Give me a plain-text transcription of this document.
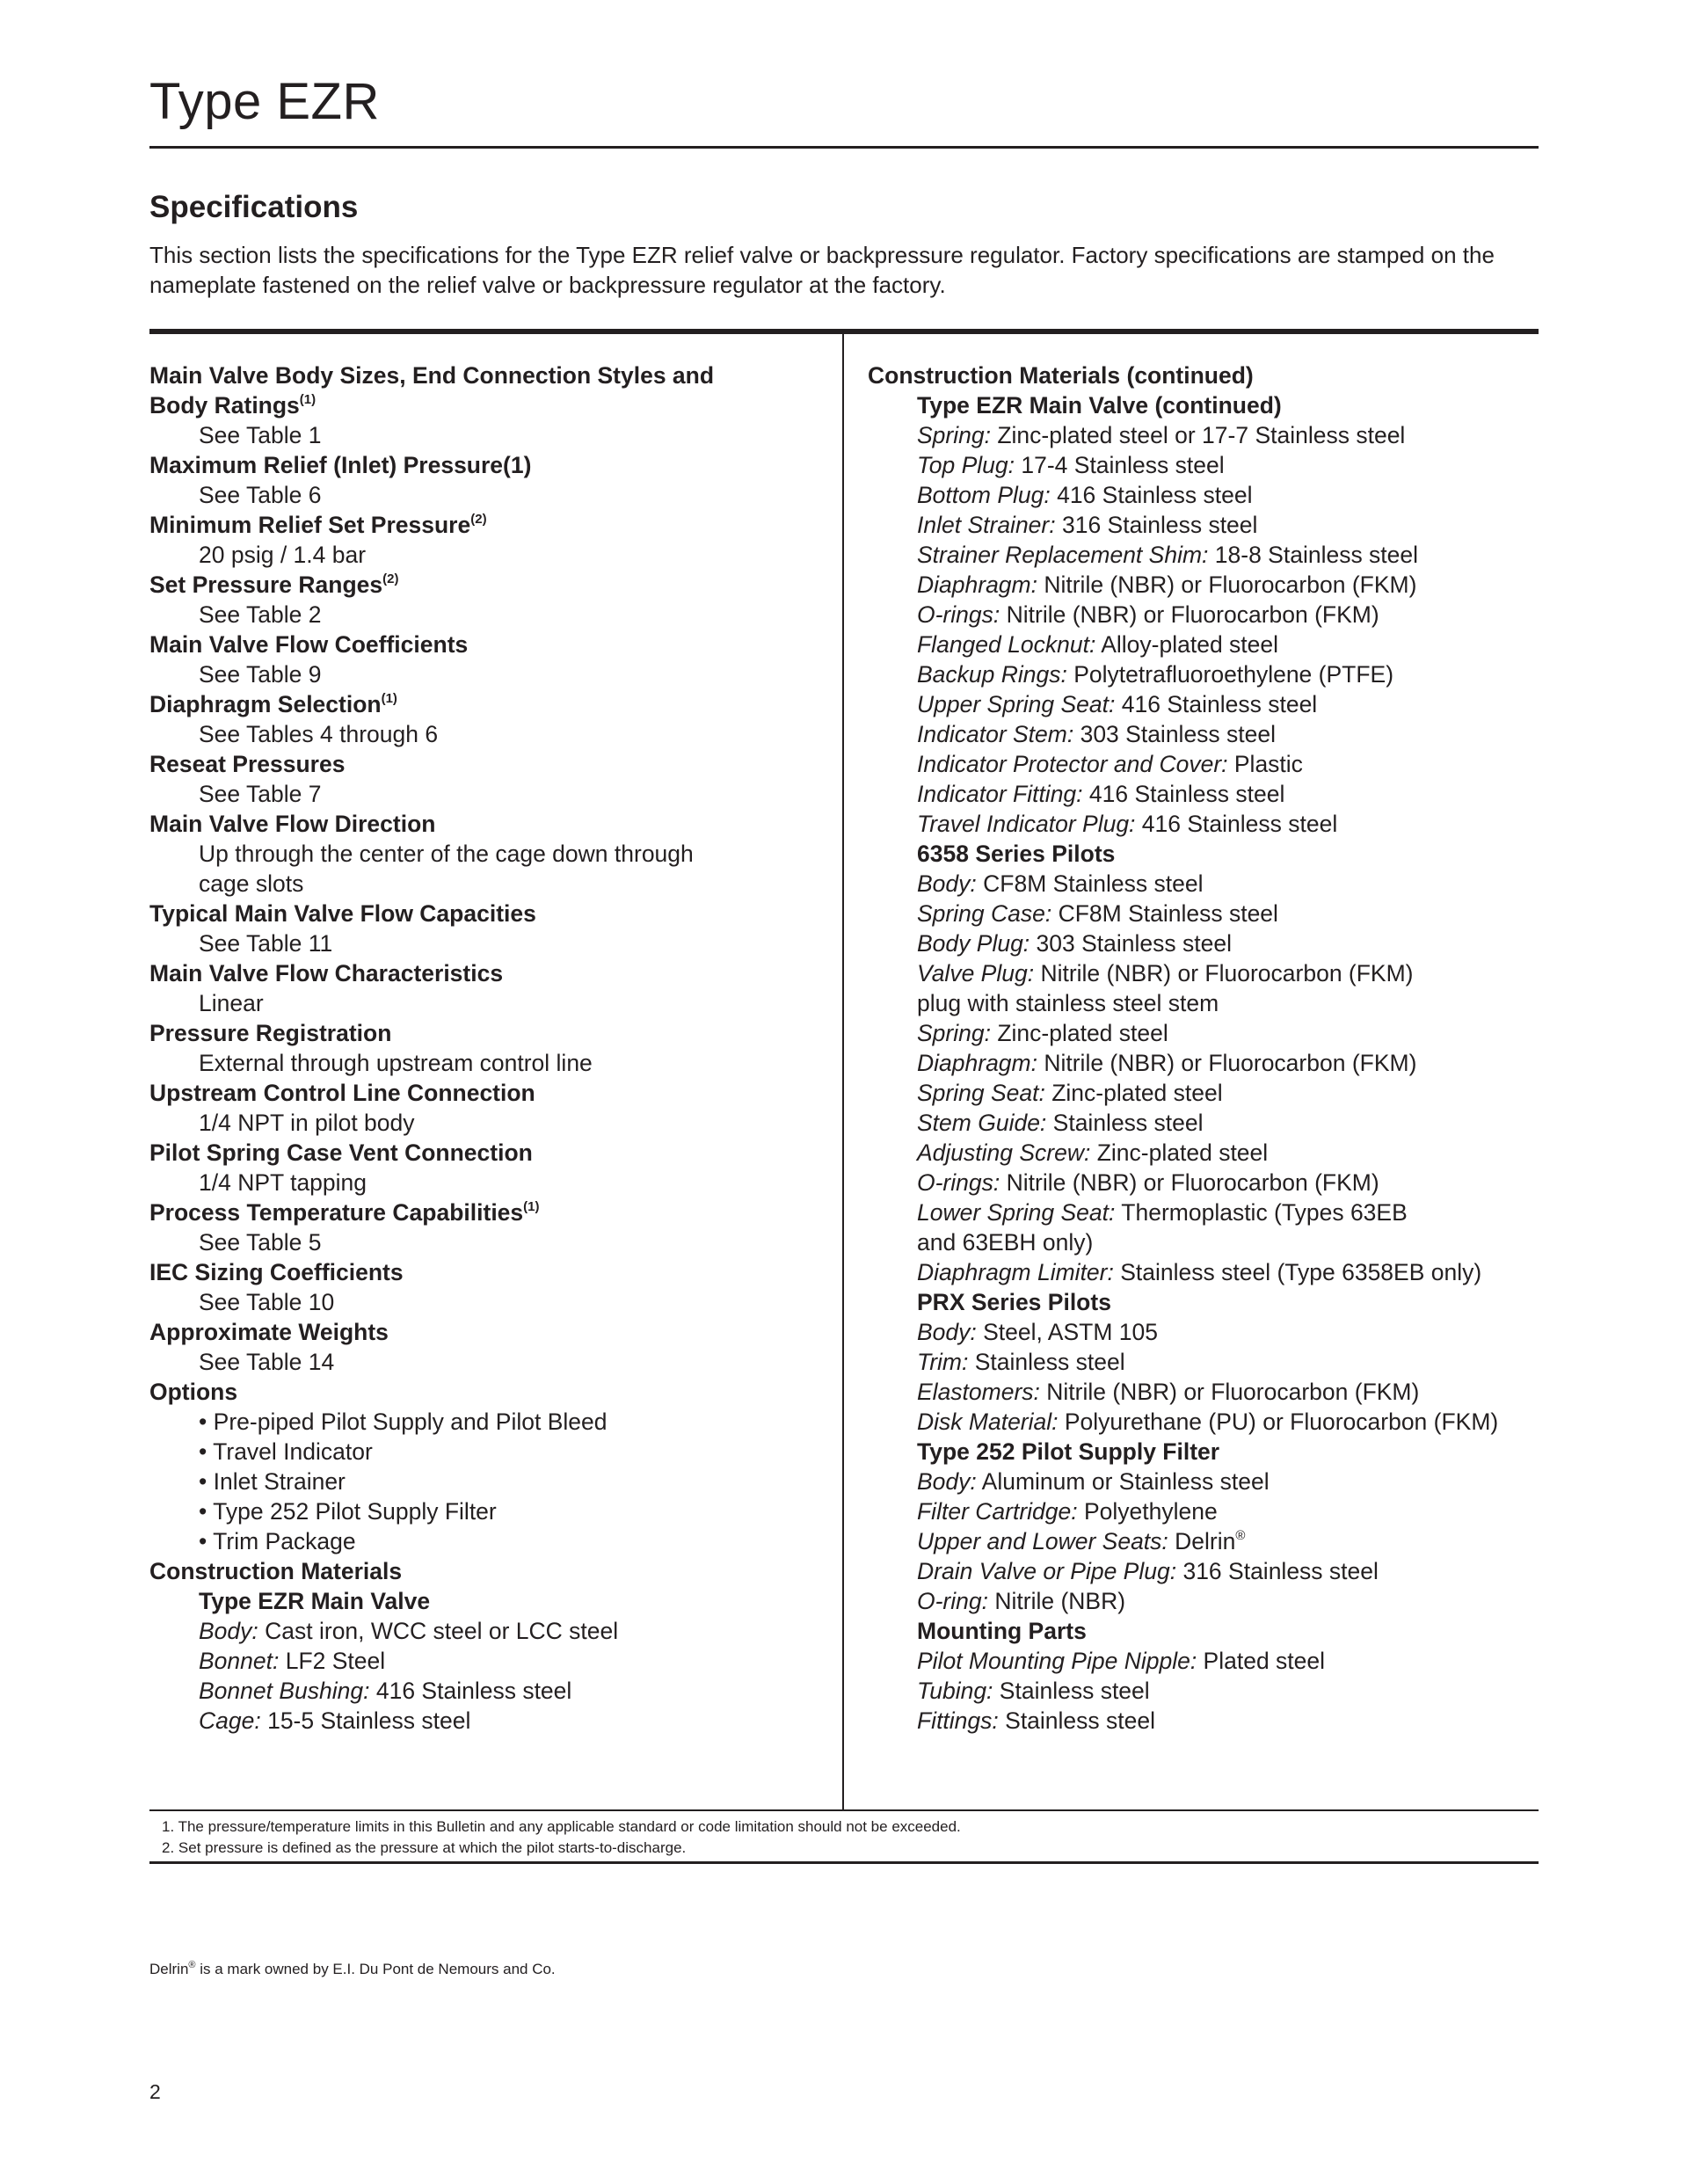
Type EZR
Specifications

This section lists the specifications for the Type EZR relief valve or backpressure regulator. Factory specifications are stamped on the nameplate fastened on the relief valve or backpressure regulator at the factory.

Main Valve Body Sizes, End Connection Styles and
Body Ratings$^{(1)}$
See Table 1
Maximum Relief (Inlet) Pressure(1)
See Table 6
Minimum Relief Set Pressure$^{(2)}$
20 psig / 1.4 bar
Set Pressure Ranges$^{(2)}$
See Table 2
Main Valve Flow Coefficients
See Table 9
Diaphragm Selection$^{(1)}$
See Tables 4 through 6
Reseat Pressures
See Table 7
Main Valve Flow Direction
Up through the center of the cage down through
cage slots
Typical Main Valve Flow Capacities
See Table 11
Main Valve Flow Characteristics
Linear
Pressure Registration
External through upstream control line
Upstream Control Line Connection
1/4 NPT in pilot body
Pilot Spring Case Vent Connection
1/4 NPT tapping
Process Temperature Capabilities$^{(1)}$
See Table 5
IEC Sizing Coefficients
See Table 10
Approximate Weights
See Table 14
Options
• Pre-piped Pilot Supply and Pilot Bleed
• Travel Indicator
• Inlet Strainer
• Type 252 Pilot Supply Filter
• Trim Package
Construction Materials
Type EZR Main Valve
Body: Cast iron, WCC steel or LCC steel
Bonnet: LF2 Steel
Bonnet Bushing: 416 Stainless steel
Cage: 15-5 Stainless steel
Construction Materials (continued)
Type EZR Main Valve (continued)
Spring: Zinc-plated steel or 17-7 Stainless steel
Top Plug: 17-4 Stainless steel
Bottom Plug: 416 Stainless steel
Inlet Strainer: 316 Stainless steel
Strainer Replacement Shim: 18-8 Stainless steel
Diaphragm: Nitrile (NBR) or Fluorocarbon (FKM)
O-rings: Nitrile (NBR) or Fluorocarbon (FKM)
Flanged Locknut: Alloy-plated steel
Backup Rings: Polytetrafluoroethylene (PTFE)
Upper Spring Seat: 416 Stainless steel
Indicator Stem: 303 Stainless steel
Indicator Protector and Cover: Plastic
Indicator Fitting: 416 Stainless steel
Travel Indicator Plug: 416 Stainless steel
6358 Series Pilots
Body: CF8M Stainless steel
Spring Case: CF8M Stainless steel
Body Plug: 303 Stainless steel
Valve Plug: Nitrile (NBR) or Fluorocarbon (FKM)
plug with stainless steel stem
Spring: Zinc-plated steel
Diaphragm: Nitrile (NBR) or Fluorocarbon (FKM)
Spring Seat: Zinc-plated steel
Stem Guide: Stainless steel
Adjusting Screw: Zinc-plated steel
O-rings: Nitrile (NBR) or Fluorocarbon (FKM)
Lower Spring Seat: Thermoplastic (Types 63EB
and 63EBH only)
Diaphragm Limiter: Stainless steel (Type 6358EB only)
PRX Series Pilots
Body: Steel, ASTM 105
Trim: Stainless steel
Elastomers: Nitrile (NBR) or Fluorocarbon (FKM)
Disk Material: Polyurethane (PU) or Fluorocarbon (FKM)
Type 252 Pilot Supply Filter
Body: Aluminum or Stainless steel
Filter Cartridge: Polyethylene
Upper and Lower Seats: Delrin®
Drain Valve or Pipe Plug: 316 Stainless steel
O-ring: Nitrile (NBR)
Mounting Parts
Pilot Mounting Pipe Nipple: Plated steel
Tubing: Stainless steel
Fittings: Stainless steel
1. The pressure/temperature limits in this Bulletin and any applicable standard or code limitation should not be exceeded.
2. Set pressure is defined as the pressure at which the pilot starts-to-discharge.
Delrin® is a mark owned by E.I. Du Pont de Nemours and Co.
2
